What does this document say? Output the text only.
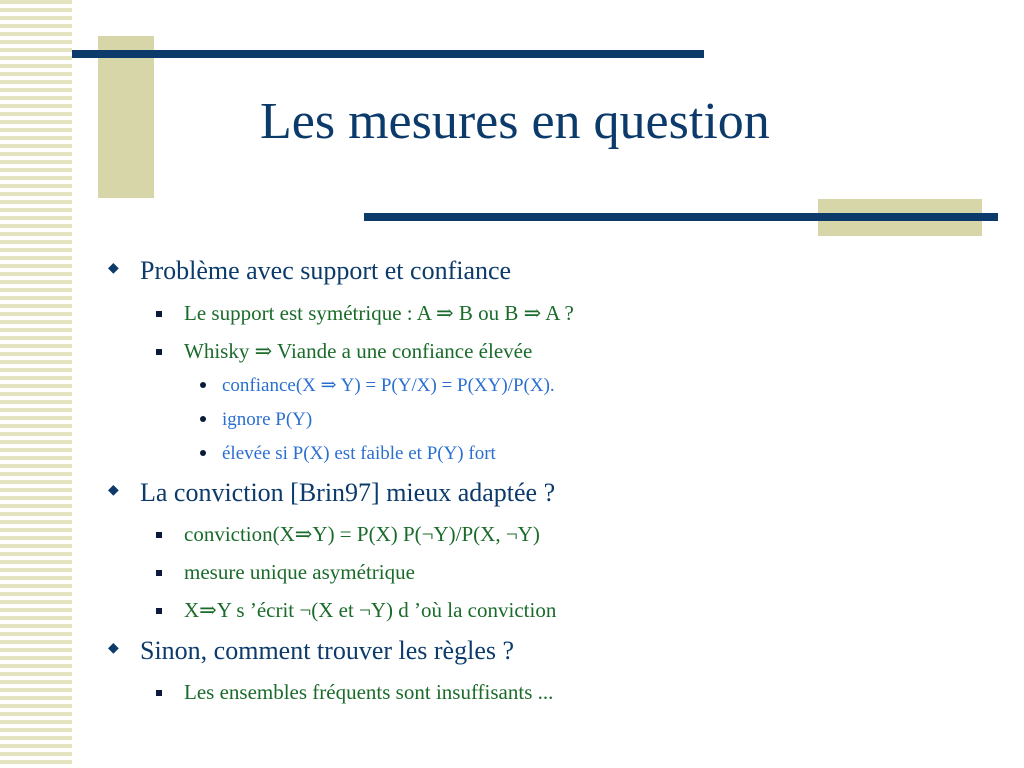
Les mesures en question
◆ Problème avec support et confiance
Le support est symétrique : A ⇒ B ou B ⇒ A ?
Whisky ⇒ Viande a une confiance élevée
confiance(X ⇒ Y) = P(Y/X) = P(XY)/P(X).
ignore P(Y)
élevée si P(X) est faible et P(Y) fort
◆ La conviction [Brin97] mieux adaptée ?
conviction(X⇒Y) = P(X) P(¬Y)/P(X, ¬Y)
mesure unique asymétrique
X⇒Y s ’écrit ¬(X et ¬Y) d ’où la conviction
◆ Sinon, comment trouver les règles ?
Les ensembles fréquents sont insuffisants ...
